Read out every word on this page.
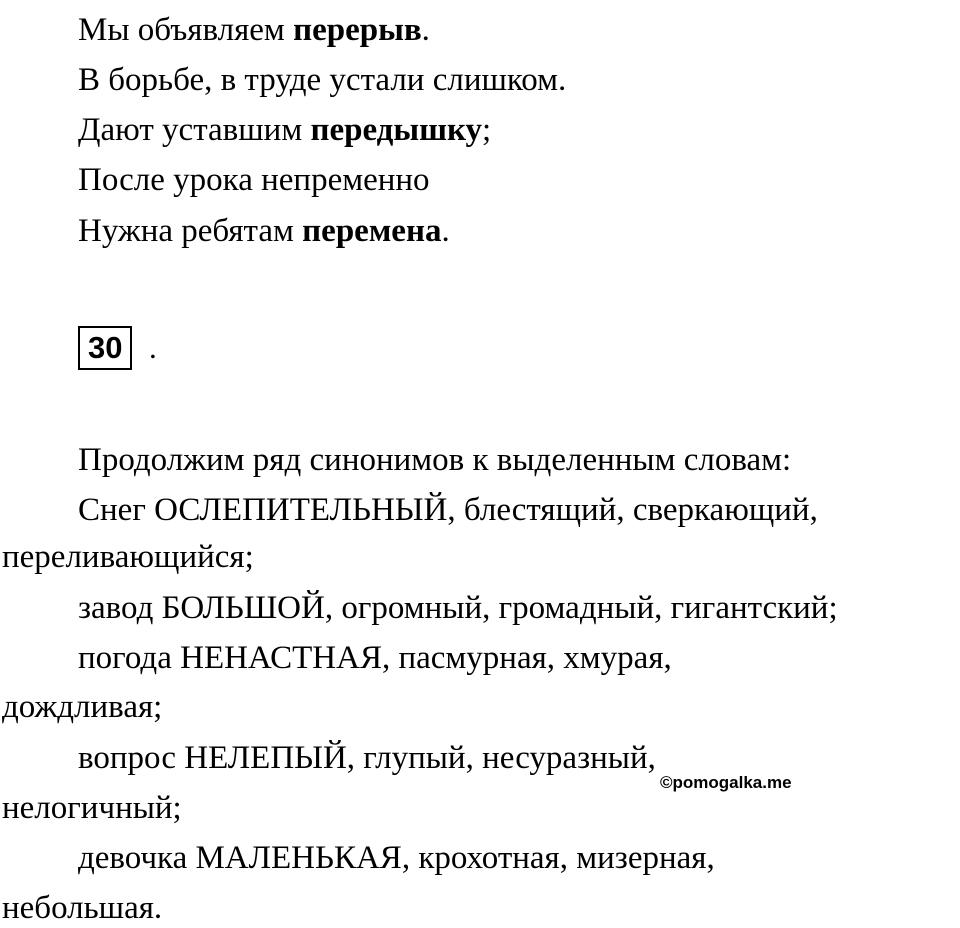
Мы объявляем перерыв.
В борьбе, в труде устали слишком.
Дают уставшим передышку;
После урока непременно
Нужна ребятам перемена.
30 .
Продолжим ряд синонимов к выделенным словам:
Снег ОСЛЕПИТЕЛЬНЫЙ, блестящий, сверкающий,
переливающийся;
завод БОЛЬШОЙ, огромный, громадный, гигантский;
погода НЕНАСТНАЯ, пасмурная, хмурая,
дождливая;
вопрос НЕЛЕПЫЙ, глупый, несуразный,
нелогичный;
девочка МАЛЕНЬКАЯ, крохотная, мизерная,
небольшая.
©pomogalka.me
